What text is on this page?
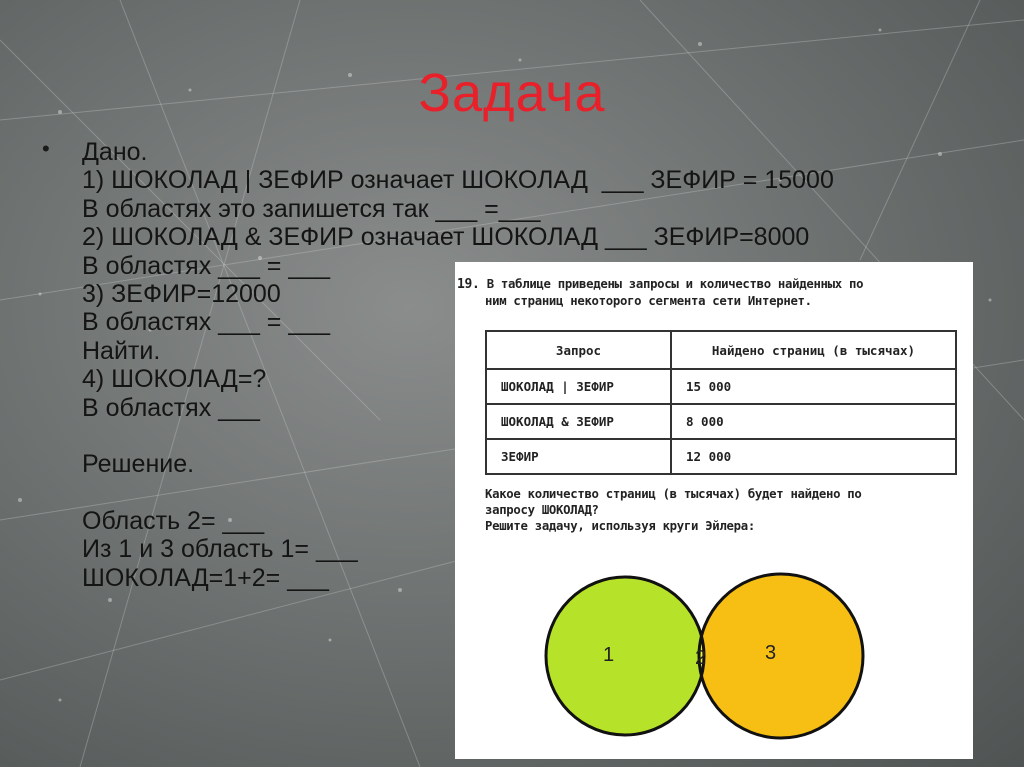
Задача
• Дано.
1) ШОКОЛАД | ЗЕФИР означает ШОКОЛАД  ___ ЗЕФИР = 15000
В областях это запишется так ___ =___
2) ШОКОЛАД & ЗЕФИР означает ШОКОЛАД ___ ЗЕФИР=8000
В областях ___ = ___
3) ЗЕФИР=12000
В областях ___ = ___
Найти.
4) ШОКОЛАД=?
В областях ___
Решение.
Область 2= ___
Из 1 и 3 область 1= ___
ШОКОЛАД=1+2= ___
19. В таблице приведены запросы и количество найденных по
ним страниц некоторого сегмента сети Интернет.
Запрос	Найдено страниц (в тысячах)
ШОКОЛАД | ЗЕФИР	15 000
ШОКОЛАД & ЗЕФИР	8 000
ЗЕФИР	12 000
Какое количество страниц (в тысячах) будет найдено по
запросу ШОКОЛАД?
Решите задачу, используя круги Эйлера:
1	2	3
